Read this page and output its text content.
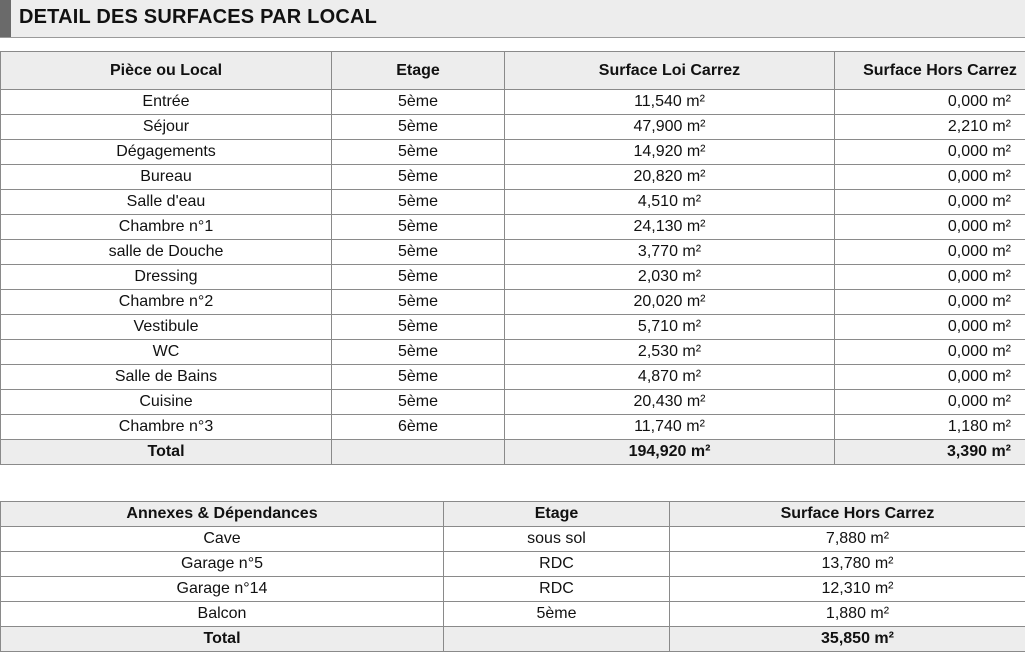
DETAIL DES SURFACES PAR LOCAL
Pièce ou Local	Etage	Surface Loi Carrez	Surface Hors Carrez
Entrée	5ème	11,540 m²	0,000 m²
Séjour	5ème	47,900 m²	2,210 m²
Dégagements	5ème	14,920 m²	0,000 m²
Bureau	5ème	20,820 m²	0,000 m²
Salle d'eau	5ème	4,510 m²	0,000 m²
Chambre n°1	5ème	24,130 m²	0,000 m²
salle de Douche	5ème	3,770 m²	0,000 m²
Dressing	5ème	2,030 m²	0,000 m²
Chambre n°2	5ème	20,020 m²	0,000 m²
Vestibule	5ème	5,710 m²	0,000 m²
WC	5ème	2,530 m²	0,000 m²
Salle de Bains	5ème	4,870 m²	0,000 m²
Cuisine	5ème	20,430 m²	0,000 m²
Chambre n°3	6ème	11,740 m²	1,180 m²
Total		194,920 m²	3,390 m²
Annexes & Dépendances	Etage	Surface Hors Carrez
Cave	sous sol	7,880 m²
Garage n°5	RDC	13,780 m²
Garage n°14	RDC	12,310 m²
Balcon	5ème	1,880 m²
Total		35,850 m²
